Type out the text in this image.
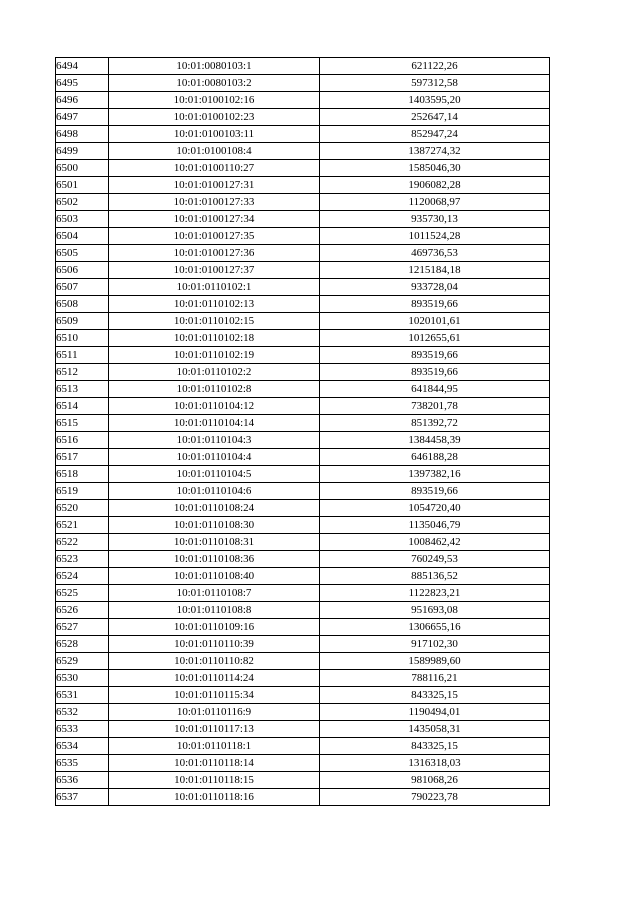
6494	10:01:0080103:1	621122,26
6495	10:01:0080103:2	597312,58
6496	10:01:0100102:16	1403595,20
6497	10:01:0100102:23	252647,14
6498	10:01:0100103:11	852947,24
6499	10:01:0100108:4	1387274,32
6500	10:01:0100110:27	1585046,30
6501	10:01:0100127:31	1906082,28
6502	10:01:0100127:33	1120068,97
6503	10:01:0100127:34	935730,13
6504	10:01:0100127:35	1011524,28
6505	10:01:0100127:36	469736,53
6506	10:01:0100127:37	1215184,18
6507	10:01:0110102:1	933728,04
6508	10:01:0110102:13	893519,66
6509	10:01:0110102:15	1020101,61
6510	10:01:0110102:18	1012655,61
6511	10:01:0110102:19	893519,66
6512	10:01:0110102:2	893519,66
6513	10:01:0110102:8	641844,95
6514	10:01:0110104:12	738201,78
6515	10:01:0110104:14	851392,72
6516	10:01:0110104:3	1384458,39
6517	10:01:0110104:4	646188,28
6518	10:01:0110104:5	1397382,16
6519	10:01:0110104:6	893519,66
6520	10:01:0110108:24	1054720,40
6521	10:01:0110108:30	1135046,79
6522	10:01:0110108:31	1008462,42
6523	10:01:0110108:36	760249,53
6524	10:01:0110108:40	885136,52
6525	10:01:0110108:7	1122823,21
6526	10:01:0110108:8	951693,08
6527	10:01:0110109:16	1306655,16
6528	10:01:0110110:39	917102,30
6529	10:01:0110110:82	1589989,60
6530	10:01:0110114:24	788116,21
6531	10:01:0110115:34	843325,15
6532	10:01:0110116:9	1190494,01
6533	10:01:0110117:13	1435058,31
6534	10:01:0110118:1	843325,15
6535	10:01:0110118:14	1316318,03
6536	10:01:0110118:15	981068,26
6537	10:01:0110118:16	790223,78
